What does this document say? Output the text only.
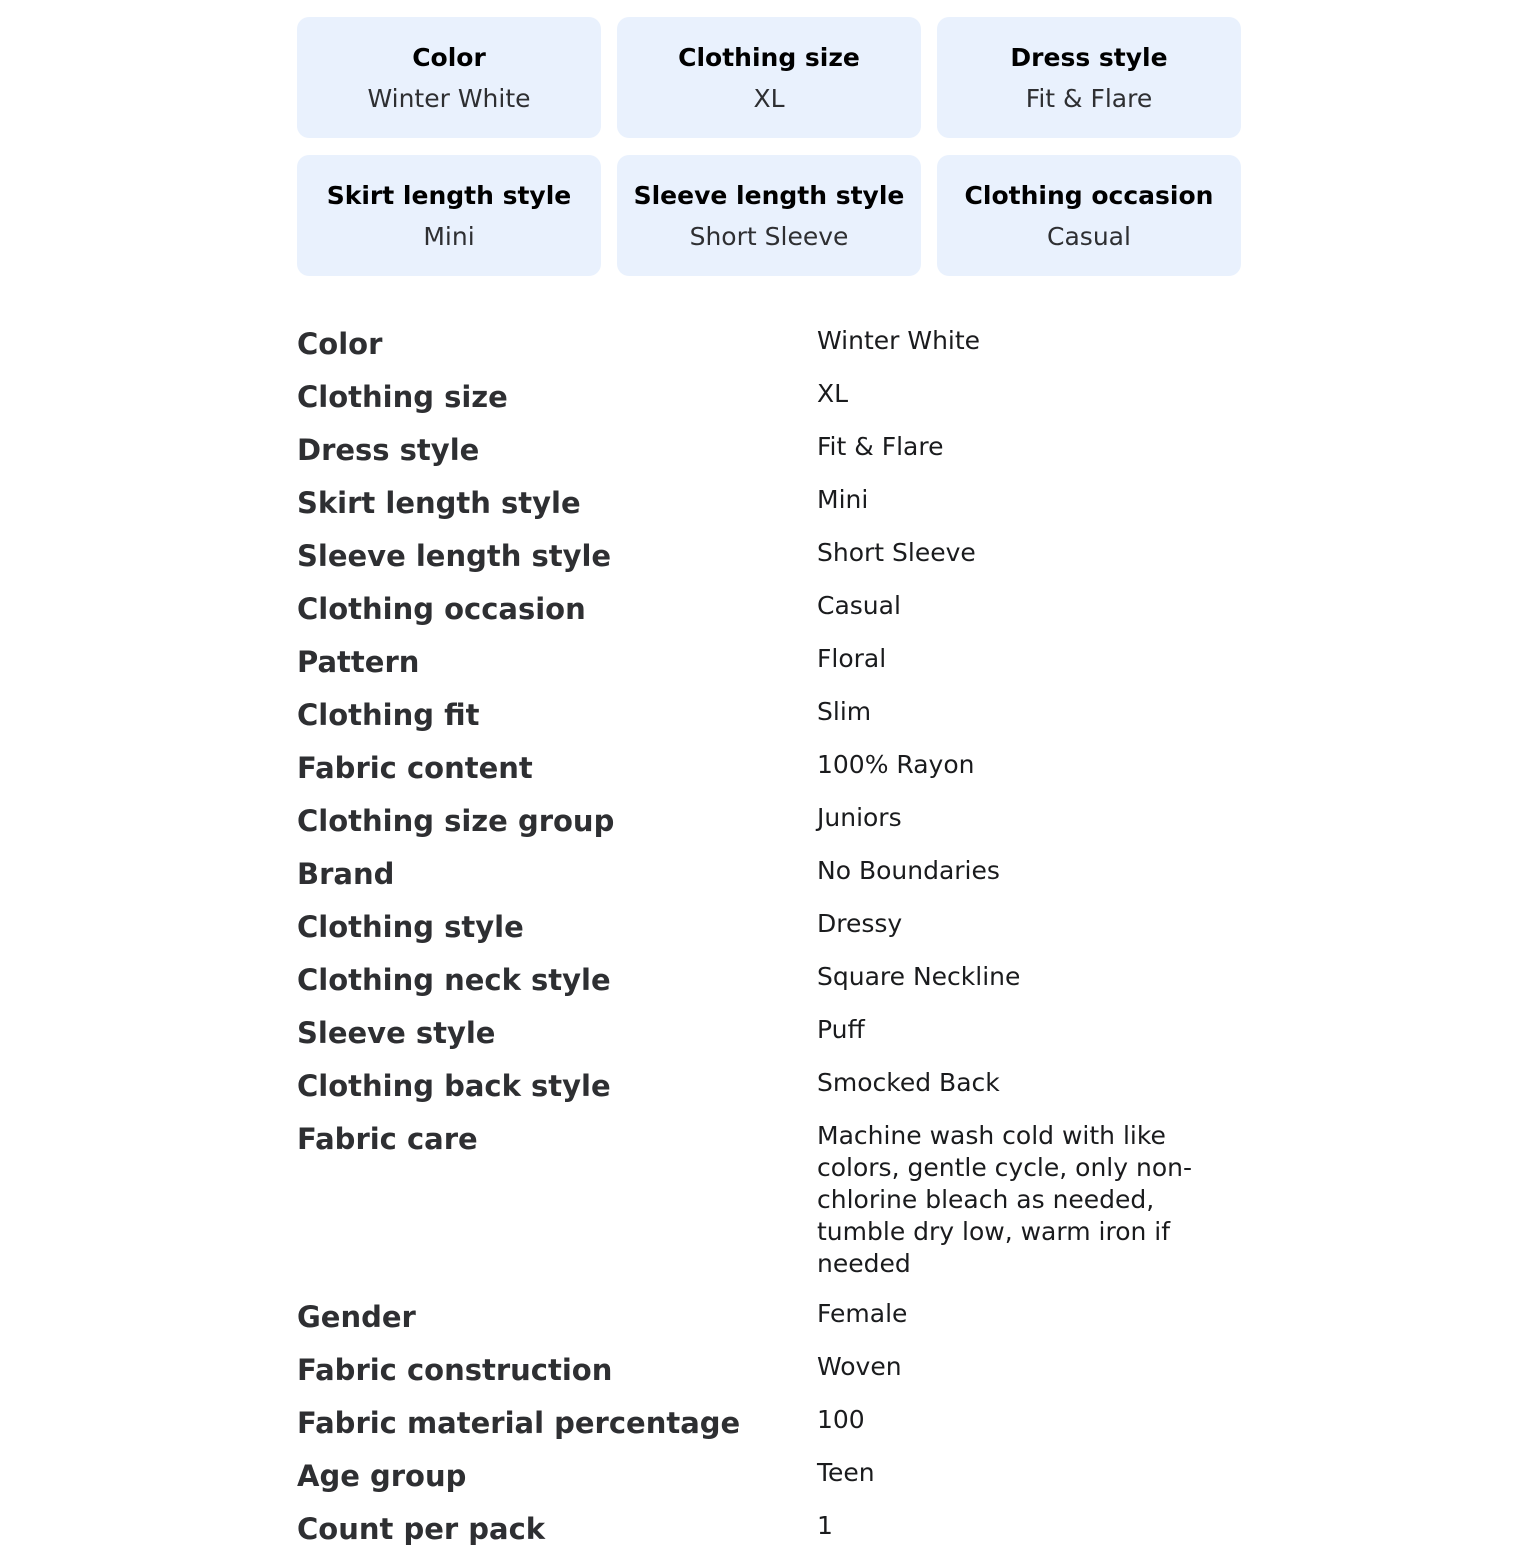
Color
Winter White
Clothing size
XL
Dress style
Fit & Flare
Skirt length style
Mini
Sleeve length style
Short Sleeve
Clothing occasion
Casual
Color	Winter White
Clothing size	XL
Dress style	Fit & Flare
Skirt length style	Mini
Sleeve length style	Short Sleeve
Clothing occasion	Casual
Pattern	Floral
Clothing fit	Slim
Fabric content	100% Rayon
Clothing size group	Juniors
Brand	No Boundaries
Clothing style	Dressy
Clothing neck style	Square Neckline
Sleeve style	Puff
Clothing back style	Smocked Back
Fabric care	Machine wash cold with like colors, gentle cycle, only non-chlorine bleach as needed, tumble dry low, warm iron if needed
Gender	Female
Fabric construction	Woven
Fabric material percentage	100
Age group	Teen
Count per pack	1
